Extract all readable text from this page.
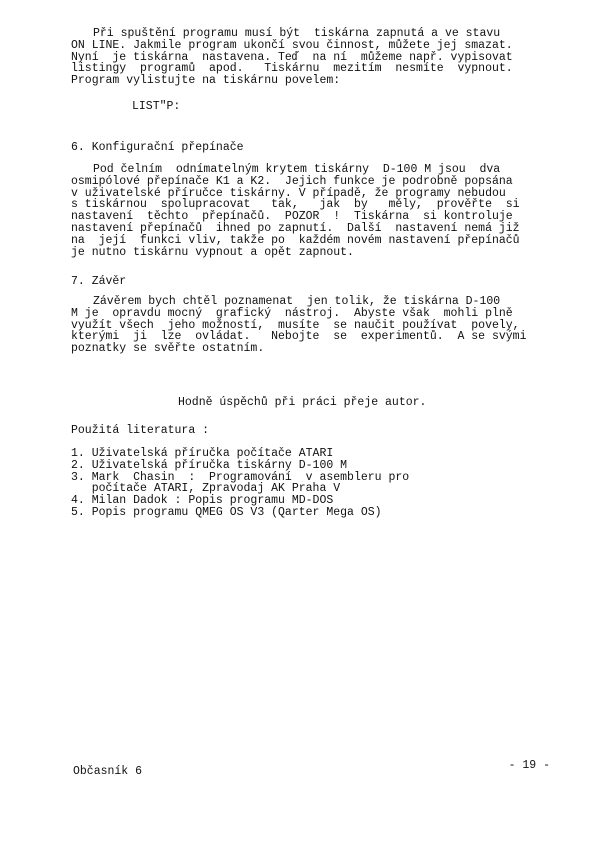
Při spuštění programu musí být  tiskárna zapnutá a ve stavu
ON LINE. Jakmile program ukončí svou činnost, můžete jej smazat.
Nyní  je tiskárna  nastavena. Teď  na ní  můžeme např. vypisovat
listingy  programů  apod.   Tiskárnu  mezitím  nesmíte  vypnout.
Program vylistujte na tiskárnu povelem:
LIST"P:
6. Konfigurační přepínače
Pod čelním  odnímatelným krytem tiskárny  D-100 M jsou  dva
osmipólové přepínače K1 a K2.  Jejich funkce je podrobně popsána
v uživatelské příručce tiskárny. V případě, že programy nebudou
s tiskárnou  spolupracovat   tak,   jak  by   měly,  prověřte  si
nastavení  těchto  přepínačů.  POZOR  !  Tiskárna  si kontroluje
nastavení přepínačů  ihned po zapnutí.  Další  nastavení nemá již
na  její  funkci vliv, takže po  každém novém nastavení přepínačů
je nutno tiskárnu vypnout a opět zapnout.
7. Závěr
Závěrem bych chtěl poznamenat  jen tolik, že tiskárna D-100
M je  opravdu mocný  grafický  nástroj.  Abyste však  mohli plně
využít všech  jeho možností,  musíte  se naučit používat  povely,
kterými  ji  lze  ovládat.   Nebojte  se  experimentů.  A se svými
poznatky se svěřte ostatním.
Hodně úspěchů při práci přeje autor.
Použitá literatura :
1. Uživatelská příručka počítače ATARI
2. Uživatelská příručka tiskárny D-100 M
3. Mark  Chasin  :  Programování  v asembleru pro
počítače ATARI, Zpravodaj AK Praha V
4. Milan Dadok : Popis programu MD-DOS
5. Popis programu QMEG OS V3 (Qarter Mega OS)
Občasník 6	- 19 -
